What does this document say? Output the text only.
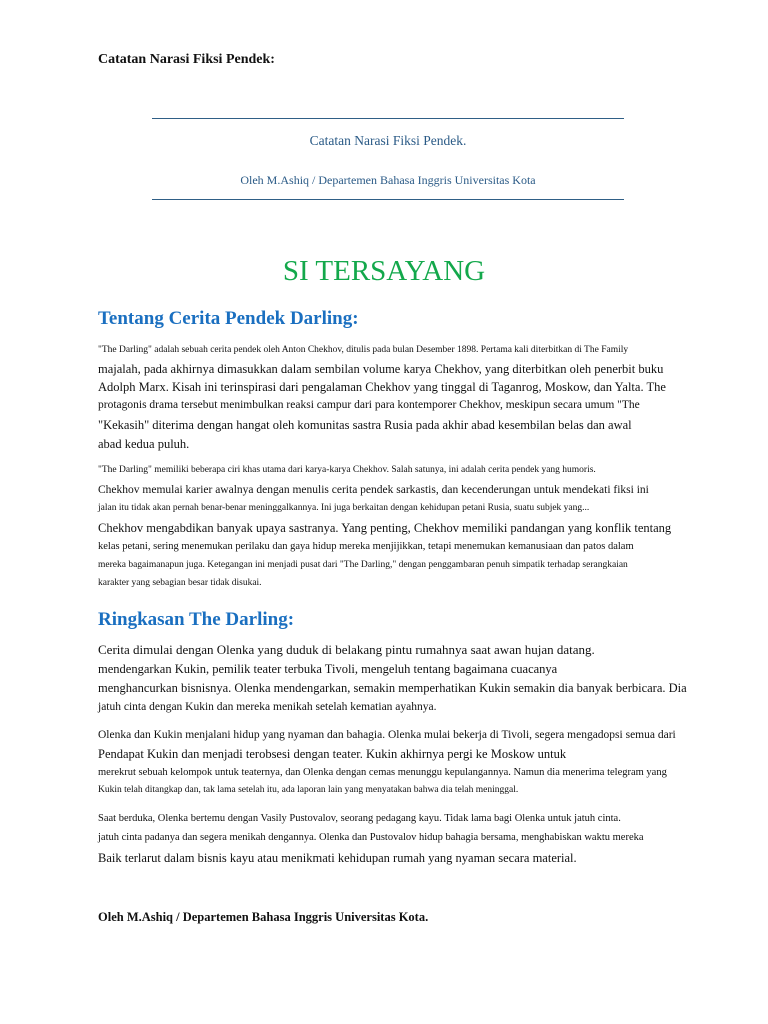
Catatan Narasi Fiksi Pendek:
Catatan Narasi Fiksi Pendek.
Oleh M.Ashiq / Departemen Bahasa Inggris Universitas Kota
SI TERSAYANG
Tentang Cerita Pendek Darling:
"The Darling" adalah sebuah cerita pendek oleh Anton Chekhov, ditulis pada bulan Desember 1898. Pertama kali diterbitkan di The Family
majalah, pada akhirnya dimasukkan dalam sembilan volume karya Chekhov, yang diterbitkan oleh penerbit buku
Adolph Marx. Kisah ini terinspirasi dari pengalaman Chekhov yang tinggal di Taganrog, Moskow, dan Yalta. The
protagonis drama tersebut menimbulkan reaksi campur dari para kontemporer Chekhov, meskipun secara umum "The
"Kekasih" diterima dengan hangat oleh komunitas sastra Rusia pada akhir abad kesembilan belas dan awal
abad kedua puluh.
"The Darling" memiliki beberapa ciri khas utama dari karya-karya Chekhov. Salah satunya, ini adalah cerita pendek yang humoris.
Chekhov memulai karier awalnya dengan menulis cerita pendek sarkastis, dan kecenderungan untuk mendekati fiksi ini
jalan itu tidak akan pernah benar-benar meninggalkannya. Ini juga berkaitan dengan kehidupan petani Rusia, suatu subjek yang...
Chekhov mengabdikan banyak upaya sastranya. Yang penting, Chekhov memiliki pandangan yang konflik tentang
kelas petani, sering menemukan perilaku dan gaya hidup mereka menjijikkan, tetapi menemukan kemanusiaan dan patos dalam
mereka bagaimanapun juga. Ketegangan ini menjadi pusat dari "The Darling," dengan penggambaran penuh simpatik terhadap serangkaian
karakter yang sebagian besar tidak disukai.
Ringkasan The Darling:
Cerita dimulai dengan Olenka yang duduk di belakang pintu rumahnya saat awan hujan datang.
mendengarkan Kukin, pemilik teater terbuka Tivoli, mengeluh tentang bagaimana cuacanya
menghancurkan bisnisnya. Olenka mendengarkan, semakin memperhatikan Kukin semakin dia banyak berbicara. Dia
jatuh cinta dengan Kukin dan mereka menikah setelah kematian ayahnya.
Olenka dan Kukin menjalani hidup yang nyaman dan bahagia. Olenka mulai bekerja di Tivoli, segera mengadopsi semua dari
Pendapat Kukin dan menjadi terobsesi dengan teater. Kukin akhirnya pergi ke Moskow untuk
merekrut sebuah kelompok untuk teaternya, dan Olenka dengan cemas menunggu kepulangannya. Namun dia menerima telegram yang
Kukin telah ditangkap dan, tak lama setelah itu, ada laporan lain yang menyatakan bahwa dia telah meninggal.
Saat berduka, Olenka bertemu dengan Vasily Pustovalov, seorang pedagang kayu. Tidak lama bagi Olenka untuk jatuh cinta.
jatuh cinta padanya dan segera menikah dengannya. Olenka dan Pustovalov hidup bahagia bersama, menghabiskan waktu mereka
Baik terlarut dalam bisnis kayu atau menikmati kehidupan rumah yang nyaman secara material.
Oleh M.Ashiq / Departemen Bahasa Inggris Universitas Kota.
